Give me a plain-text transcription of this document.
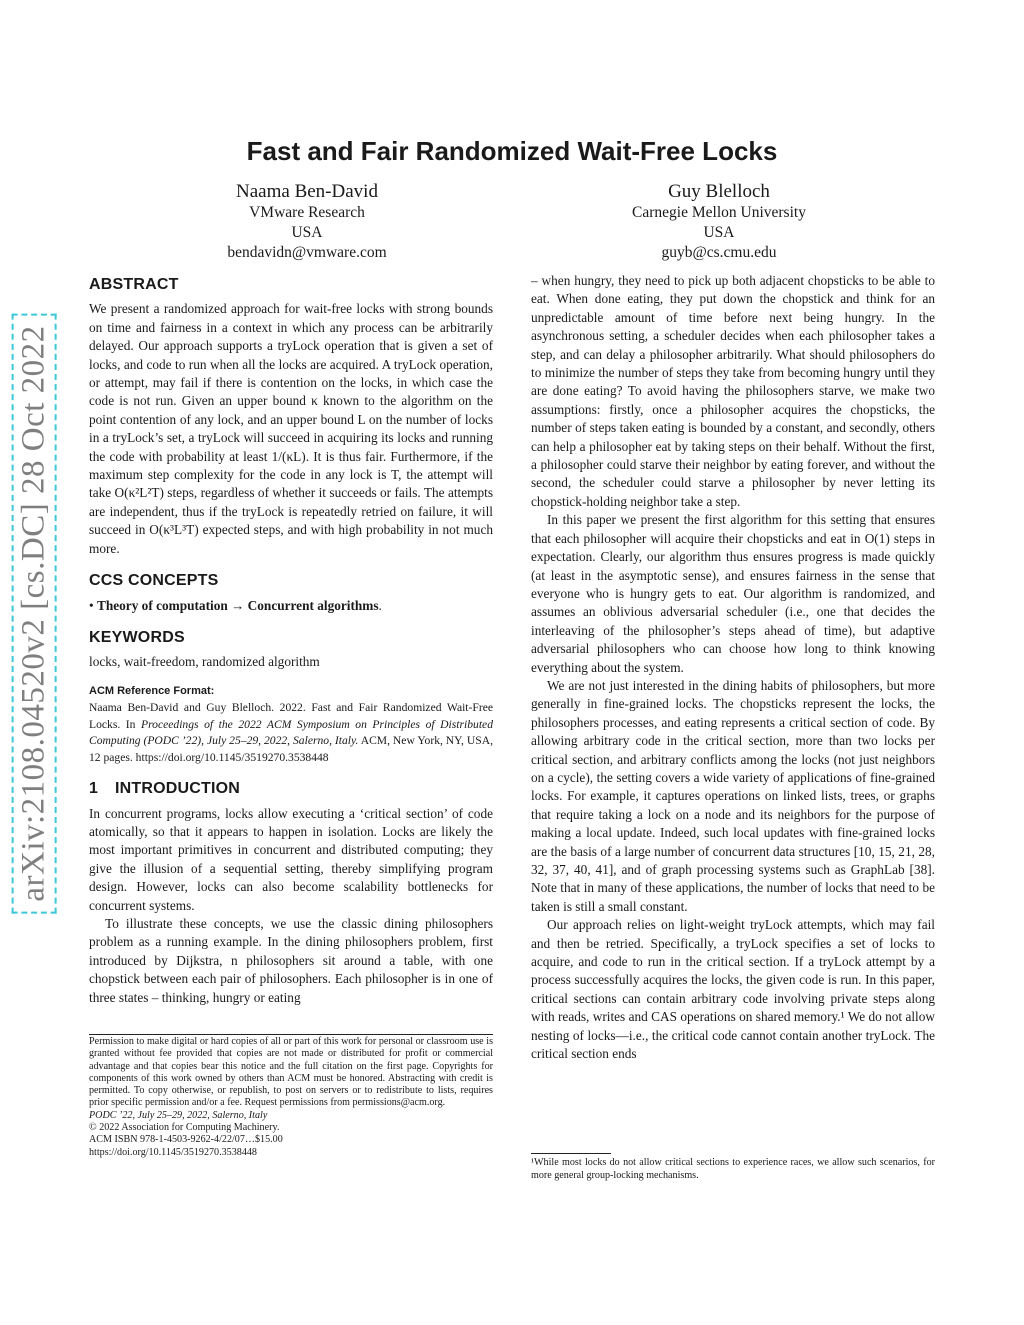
arXiv:2108.04520v2 [cs.DC] 28 Oct 2022
Fast and Fair Randomized Wait-Free Locks
Naama Ben-David
VMware Research
USA
bendavidn@vmware.com
Guy Blelloch
Carnegie Mellon University
USA
guyb@cs.cmu.edu
ABSTRACT

We present a randomized approach for wait-free locks with strong bounds on time and fairness in a context in which any process can be arbitrarily delayed. Our approach supports a tryLock operation that is given a set of locks, and code to run when all the locks are acquired. A tryLock operation, or attempt, may fail if there is contention on the locks, in which case the code is not run. Given an upper bound κ known to the algorithm on the point contention of any lock, and an upper bound L on the number of locks in a tryLock’s set, a tryLock will succeed in acquiring its locks and running the code with probability at least 1/(κL). It is thus fair. Furthermore, if the maximum step complexity for the code in any lock is T, the attempt will take O(κ²L²T) steps, regardless of whether it succeeds or fails. The attempts are independent, thus if the tryLock is repeatedly retried on failure, it will succeed in O(κ³L³T) expected steps, and with high probability in not much more.

CCS CONCEPTS

• Theory of computation → Concurrent algorithms.

KEYWORDS

locks, wait-freedom, randomized algorithm

ACM Reference Format:
Naama Ben-David and Guy Blelloch. 2022. Fast and Fair Randomized Wait-Free Locks. In Proceedings of the 2022 ACM Symposium on Principles of Distributed Computing (PODC ’22), July 25–29, 2022, Salerno, Italy. ACM, New York, NY, USA, 12 pages. https://doi.org/10.1145/3519270.3538448
1 INTRODUCTION

In concurrent programs, locks allow executing a ‘critical section’ of code atomically, so that it appears to happen in isolation. Locks are likely the most important primitives in concurrent and distributed computing; they give the illusion of a sequential setting, thereby simplifying program design. However, locks can also become scalability bottlenecks for concurrent systems.

To illustrate these concepts, we use the classic dining philosophers problem as a running example. In the dining philosophers problem, first introduced by Dijkstra, n philosophers sit around a table, with one chopstick between each pair of philosophers. Each philosopher is in one of three states – thinking, hungry or eating

Permission to make digital or hard copies of all or part of this work for personal or classroom use is granted without fee provided that copies are not made or distributed for profit or commercial advantage and that copies bear this notice and the full citation on the first page. Copyrights for components of this work owned by others than ACM must be honored. Abstracting with credit is permitted. To copy otherwise, or republish, to post on servers or to redistribute to lists, requires prior specific permission and/or a fee. Request permissions from permissions@acm.org.
PODC ’22, July 25–29, 2022, Salerno, Italy
© 2022 Association for Computing Machinery.
ACM ISBN 978-1-4503-9262-4/22/07…$15.00
https://doi.org/10.1145/3519270.3538448

– when hungry, they need to pick up both adjacent chopsticks to be able to eat. When done eating, they put down the chopstick and think for an unpredictable amount of time before next being hungry. In the asynchronous setting, a scheduler decides when each philosopher takes a step, and can delay a philosopher arbitrarily. What should philosophers do to minimize the number of steps they take from becoming hungry until they are done eating? To avoid having the philosophers starve, we make two assumptions: firstly, once a philosopher acquires the chopsticks, the number of steps taken eating is bounded by a constant, and secondly, others can help a philosopher eat by taking steps on their behalf. Without the first, a philosopher could starve their neighbor by eating forever, and without the second, the scheduler could starve a philosopher by never letting its chopstick-holding neighbor take a step.

In this paper we present the first algorithm for this setting that ensures that each philosopher will acquire their chopsticks and eat in O(1) steps in expectation. Clearly, our algorithm thus ensures progress is made quickly (at least in the asymptotic sense), and ensures fairness in the sense that everyone who is hungry gets to eat. Our algorithm is randomized, and assumes an oblivious adversarial scheduler (i.e., one that decides the interleaving of the philosopher’s steps ahead of time), but adaptive adversarial philosophers who can choose how long to think knowing everything about the system.

We are not just interested in the dining habits of philosophers, but more generally in fine-grained locks. The chopsticks represent the locks, the philosophers processes, and eating represents a critical section of code. By allowing arbitrary code in the critical section, more than two locks per critical section, and arbitrary conflicts among the locks (not just neighbors on a cycle), the setting covers a wide variety of applications of fine-grained locks. For example, it captures operations on linked lists, trees, or graphs that require taking a lock on a node and its neighbors for the purpose of making a local update. Indeed, such local updates with fine-grained locks are the basis of a large number of concurrent data structures [10, 15, 21, 28, 32, 37, 40, 41], and of graph processing systems such as GraphLab [38]. Note that in many of these applications, the number of locks that need to be taken is still a small constant.

Our approach relies on light-weight tryLock attempts, which may fail and then be retried. Specifically, a tryLock specifies a set of locks to acquire, and code to run in the critical section. If a tryLock attempt by a process successfully acquires the locks, the given code is run. In this paper, critical sections can contain arbitrary code involving private steps along with reads, writes and CAS operations on shared memory.¹ We do not allow nesting of locks—i.e., the critical code cannot contain another tryLock. The critical section ends

¹While most locks do not allow critical sections to experience races, we allow such scenarios, for more general group-locking mechanisms.
